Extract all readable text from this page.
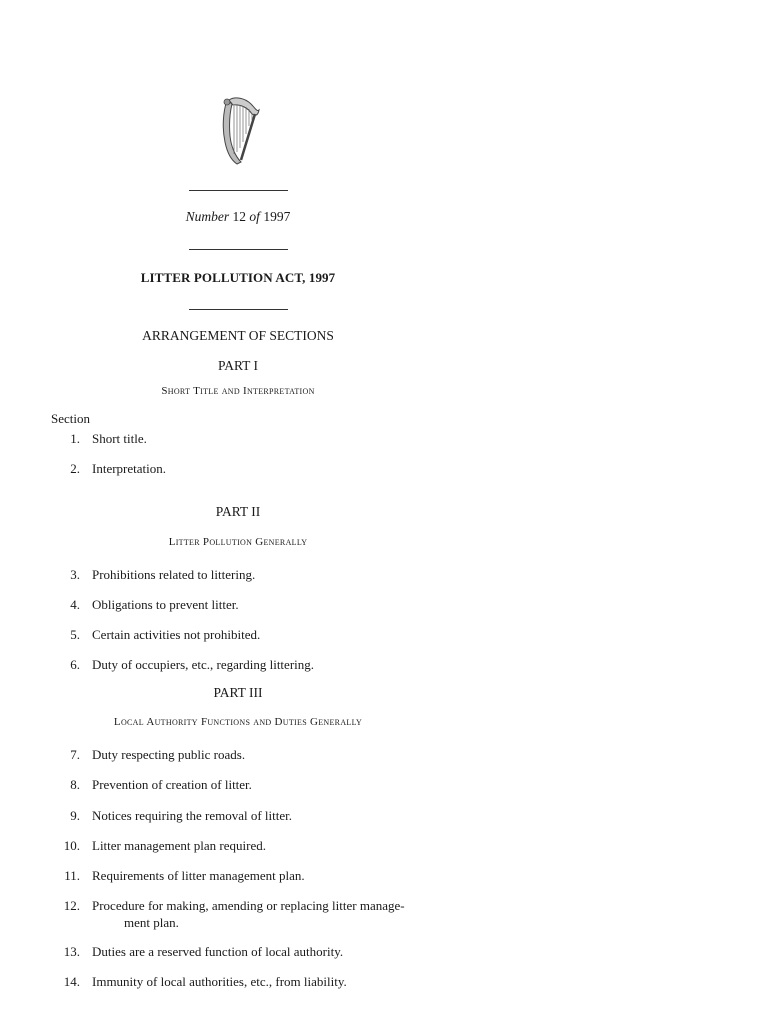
Number 12 of 1997
LITTER POLLUTION ACT, 1997
ARRANGEMENT OF SECTIONS
PART I
Short Title and Interpretation
Section
1. Short title.
2. Interpretation.
PART II
Litter Pollution Generally
3. Prohibitions related to littering.
4. Obligations to prevent litter.
5. Certain activities not prohibited.
6. Duty of occupiers, etc., regarding littering.
PART III
Local Authority Functions and Duties Generally
7. Duty respecting public roads.
8. Prevention of creation of litter.
9. Notices requiring the removal of litter.
10. Litter management plan required.
11. Requirements of litter management plan.
12. Procedure for making, amending or replacing litter manage-
ment plan.
13. Duties are a reserved function of local authority.
14. Immunity of local authorities, etc., from liability.
